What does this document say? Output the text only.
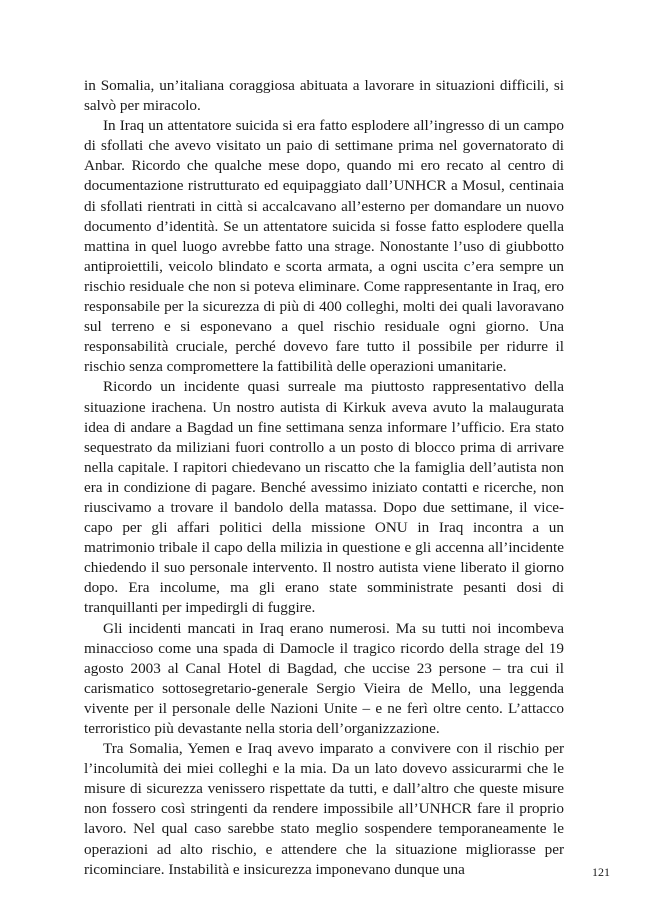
in Somalia, un’italiana coraggiosa abituata a lavorare in situazioni difficili, si salvò per miracolo.

In Iraq un attentatore suicida si era fatto esplodere all’ingresso di un campo di sfollati che avevo visitato un paio di settimane prima nel governatorato di Anbar. Ricordo che qualche mese dopo, quando mi ero recato al centro di documentazione ristrutturato ed equipaggiato dall’UNHCR a Mosul, centinaia di sfollati rientrati in città si accalcavano all’esterno per domandare un nuovo documento d’identità. Se un attentatore suicida si fosse fatto esplodere quella mattina in quel luogo avrebbe fatto una strage. Nonostante l’uso di giubbotto antiproiettili, veicolo blindato e scorta armata, a ogni uscita c’era sempre un rischio residuale che non si poteva eliminare. Come rappresentante in Iraq, ero responsabile per la sicurezza di più di 400 colleghi, molti dei quali lavoravano sul terreno e si esponevano a quel rischio residuale ogni giorno. Una responsabilità cruciale, perché dovevo fare tutto il possibile per ridurre il rischio senza compromettere la fattibilità delle operazioni umanitarie.

Ricordo un incidente quasi surreale ma piuttosto rappresentativo della situazione irachena. Un nostro autista di Kirkuk aveva avuto la malaugurata idea di andare a Bagdad un fine settimana senza informare l’ufficio. Era stato sequestrato da miliziani fuori controllo a un posto di blocco prima di arrivare nella capitale. I rapitori chiedevano un riscatto che la famiglia dell’autista non era in condizione di pagare. Benché avessimo iniziato contatti e ricerche, non riuscivamo a trovare il bandolo della matassa. Dopo due settimane, il vice-capo per gli affari politici della missione ONU in Iraq incontra a un matrimonio tribale il capo della milizia in questione e gli accenna all’incidente chiedendo il suo personale intervento. Il nostro autista viene liberato il giorno dopo. Era incolume, ma gli erano state somministrate pesanti dosi di tranquillanti per impedirgli di fuggire.

Gli incidenti mancati in Iraq erano numerosi. Ma su tutti noi incombeva minaccioso come una spada di Damocle il tragico ricordo della strage del 19 agosto 2003 al Canal Hotel di Bagdad, che uccise 23 persone – tra cui il carismatico sottosegretario-generale Sergio Vieira de Mello, una leggenda vivente per il personale delle Nazioni Unite – e ne ferì oltre cento. L’attacco terroristico più devastante nella storia dell’organizzazione.

Tra Somalia, Yemen e Iraq avevo imparato a convivere con il rischio per l’incolumità dei miei colleghi e la mia. Da un lato dovevo assicurarmi che le misure di sicurezza venissero rispettate da tutti, e dall’altro che queste misure non fossero così stringenti da rendere impossibile all’UNHCR fare il proprio lavoro. Nel qual caso sarebbe stato meglio sospendere temporaneamente le operazioni ad alto rischio, e attendere che la situazione migliorasse per ricominciare. Instabilità e insicurezza imponevano dunque una	121
